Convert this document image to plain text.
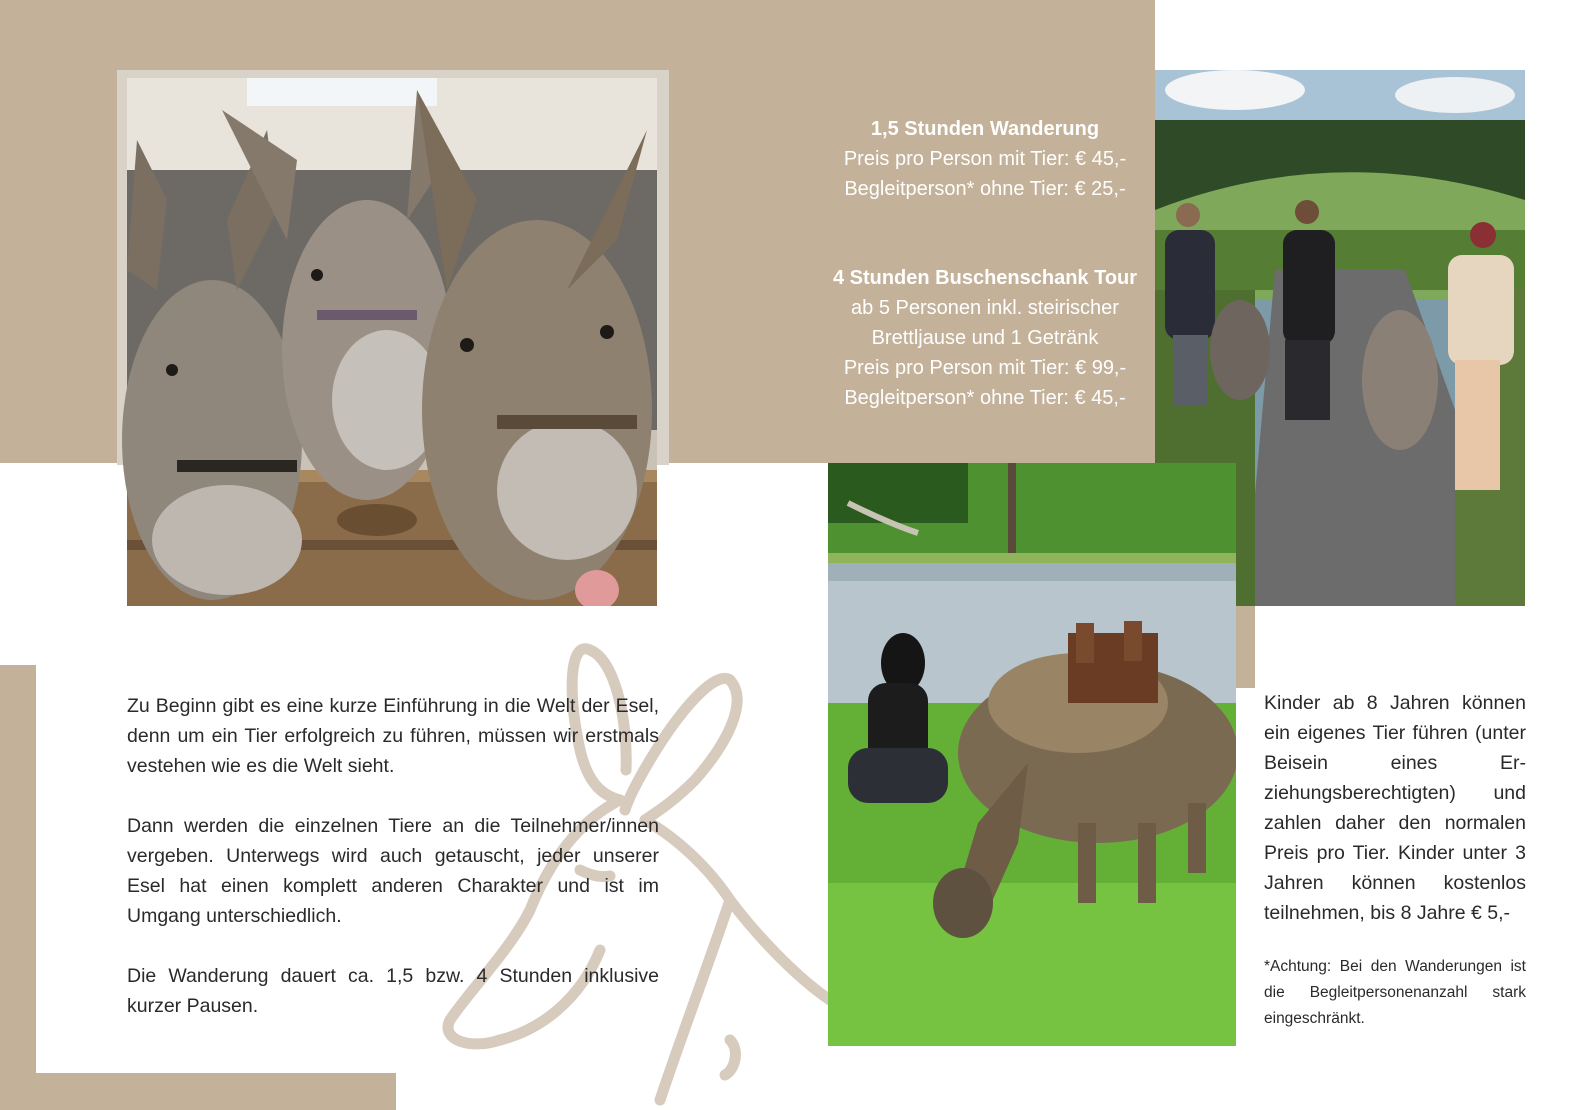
1,5 Stunden Wanderung
Preis pro Person mit Tier: € 45,-
Begleitperson* ohne Tier: € 25,-
4 Stunden Buschenschank Tour
ab 5 Personen inkl. steirischer
Brettljause und 1 Getränk
Preis pro Person mit Tier: € 99,-
Begleitperson* ohne Tier: € 45,-

Zu Beginn gibt es eine kurze Einführung in die Welt der Esel, denn um ein Tier erfolgreich zu führen, müssen wir erstmals vestehen wie es die Welt sieht.

Dann werden die einzelnen Tiere an die Teilnehmer/innen vergeben. Unterwegs wird auch getauscht, jeder unserer Esel hat einen komplett anderen Charakter und ist im Umgang unterschiedlich.

Die Wanderung dauert ca. 1,5 bzw. 4 Stunden inklusive kurzer Pausen.

Kinder ab 8 Jahren können ein eigenes Tier führen (unter Beisein eines Erziehungsberechtigten) und zahlen daher den normalen Preis pro Tier. Kinder unter 3 Jahren können kostenlos teilnehmen, bis 8 Jahre € 5,-
*Achtung: Bei den Wanderungen ist die Begleitpersonenanzahl stark eingeschränkt.
